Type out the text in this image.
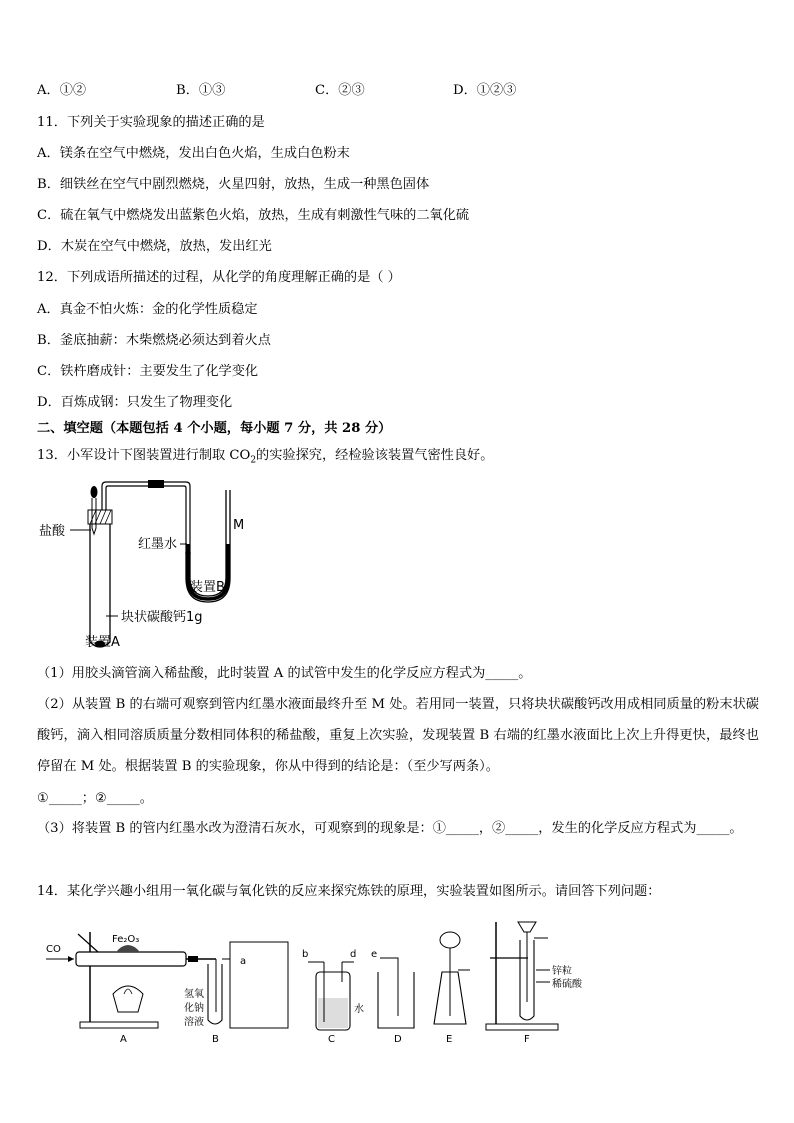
A．①②	B．①③	C．②③	D．①②③
11．下列关于实验现象的描述正确的是
A．镁条在空气中燃烧，发出白色火焰，生成白色粉末
B．细铁丝在空气中剧烈燃烧，火星四射，放热，生成一种黑色固体
C．硫在氧气中燃烧发出蓝紫色火焰，放热，生成有刺激性气味的二氧化硫
D．木炭在空气中燃烧，放热，发出红光
12．下列成语所描述的过程，从化学的角度理解正确的是（ ）
A．真金不怕火炼：金的化学性质稳定
B．釜底抽薪：木柴燃烧必须达到着火点
C．铁杵磨成针：主要发生了化学变化
D．百炼成钢：只发生了物理变化
二、填空题（本题包括 4 个小题，每小题 7 分，共 28 分）
13．小军设计下图装置进行制取 $CO_2$的实验探究，经检验该装置气密性良好。
盐酸
红墨水
M
装置B
块状碳酸钙1g
装置A
（1）用胶头滴管滴入稀盐酸，此时装置 A 的试管中发生的化学反应方程式为_____。
（2）从装置 B 的右端可观察到管内红墨水液面最终升至 M 处。若用同一装置，只将块状碳酸钙改用成相同质量的粉末状碳酸钙，滴入相同溶质质量分数相同体积的稀盐酸，重复上次实验，发现装置 B 右端的红墨水液面比上次上升得更快，最终也停留在 M 处。根据装置 B 的实验现象，你从中得到的结论是：（至少写两条）。
①_____；②_____。
（3）将装置 B 的管内红墨水改为澄清石灰水，可观察到的现象是：①_____，②_____，发生的化学反应方程式为_____。
14．某化学兴趣小组用一氧化碳与氧化铁的反应来探究炼铁的原理，实验装置如图所示。请回答下列问题：
CO
Fe₂O₃
氢氧
化钠
溶液
a
b	d
水
e
锌粒
稀硫酸
A	B	C	D	E	F
